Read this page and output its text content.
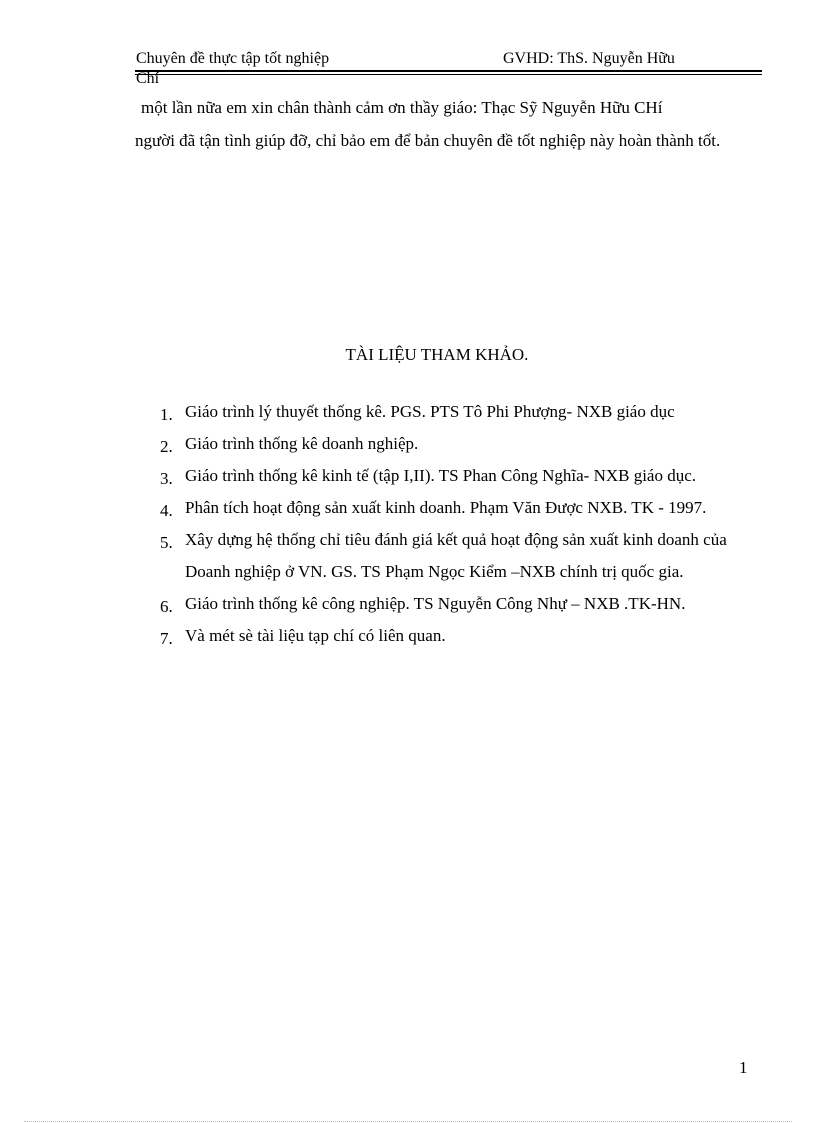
Chuyên đề thực tập tốt nghiệp	GVHD: ThS. Nguyễn Hữu
Chí
một lần nữa em xin chân thành cảm ơn thầy giáo: Thạc Sỹ Nguyễn Hữu CHí
người đã tận tình giúp đỡ, chỉ bảo em để bản chuyên đề tốt nghiệp này hoàn thành tốt.
TÀI LIỆU THAM KHẢO.
1. Giáo trình lý thuyết thống kê. PGS. PTS Tô Phi Phượng- NXB giáo dục
2. Giáo trình thống kê doanh nghiệp.
3. Giáo trình thống kê kinh tế (tập I,II). TS Phan Công Nghĩa- NXB giáo dục.
4. Phân tích hoạt động sản xuất kinh doanh. Phạm Văn Được NXB. TK - 1997.
5. Xây dựng hệ thống chỉ tiêu đánh giá kết quả hoạt động sản xuất kinh doanh của Doanh nghiệp ở VN. GS. TS Phạm Ngọc Kiểm –NXB chính trị quốc gia.
6. Giáo trình thống kê công nghiệp. TS Nguyễn Công Nhự – NXB .TK-HN.
7. Và mét sè tài liệu tạp chí có liên quan.
1
